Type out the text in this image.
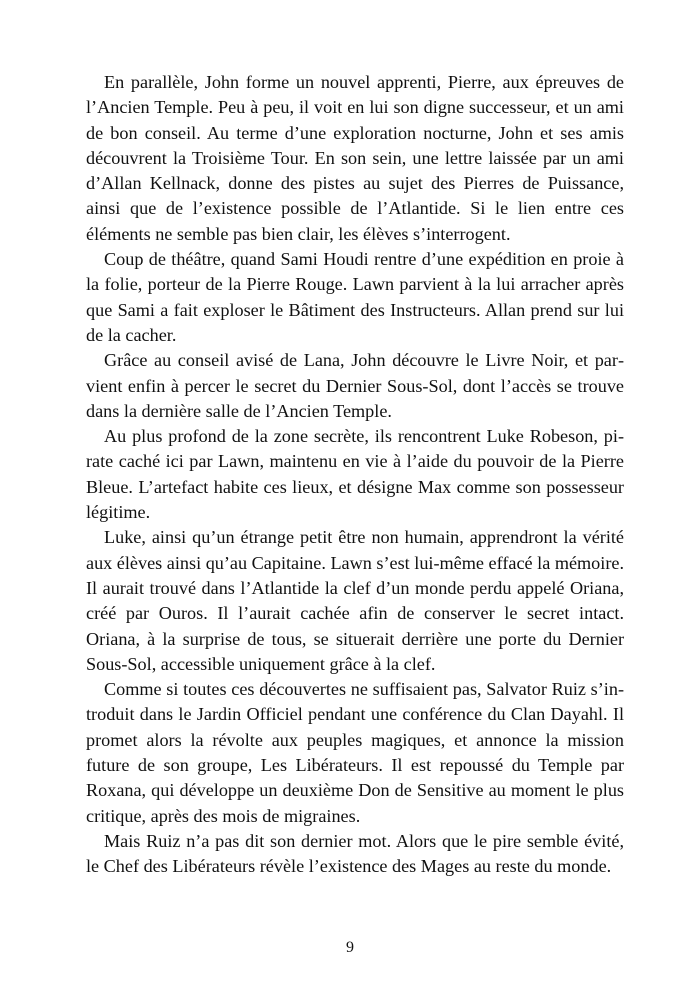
En parallèle, John forme un nouvel apprenti, Pierre, aux épreuves de l’Ancien Temple. Peu à peu, il voit en lui son digne successeur, et un ami de bon conseil. Au terme d’une exploration nocturne, John et ses amis découvrent la Troisième Tour. En son sein, une lettre laissée par un ami d’Allan Kellnack, donne des pistes au sujet des Pierres de Puissance, ainsi que de l’existence possible de l’Atlantide. Si le lien entre ces éléments ne semble pas bien clair, les élèves s’interrogent.

Coup de théâtre, quand Sami Houdi rentre d’une expédition en proie à la folie, porteur de la Pierre Rouge. Lawn parvient à la lui arracher après que Sami a fait exploser le Bâtiment des Instructeurs. Allan prend sur lui de la cacher.

Grâce au conseil avisé de Lana, John découvre le Livre Noir, et parvient enfin à percer le secret du Dernier Sous-Sol, dont l’accès se trouve dans la dernière salle de l’Ancien Temple.

Au plus profond de la zone secrète, ils rencontrent Luke Robeson, pirate caché ici par Lawn, maintenu en vie à l’aide du pouvoir de la Pierre Bleue. L’artefact habite ces lieux, et désigne Max comme son possesseur légitime.

Luke, ainsi qu’un étrange petit être non humain, apprendront la vérité aux élèves ainsi qu’au Capitaine. Lawn s’est lui-même effacé la mémoire. Il aurait trouvé dans l’Atlantide la clef d’un monde perdu appelé Oriana, créé par Ouros. Il l’aurait cachée afin de conserver le secret intact. Oriana, à la surprise de tous, se situerait derrière une porte du Dernier Sous-Sol, accessible uniquement grâce à la clef.

Comme si toutes ces découvertes ne suffisaient pas, Salvator Ruiz s’introduit dans le Jardin Officiel pendant une conférence du Clan Dayahl. Il promet alors la révolte aux peuples magiques, et annonce la mission future de son groupe, Les Libérateurs. Il est repoussé du Temple par Roxana, qui développe un deuxième Don de Sensitive au moment le plus critique, après des mois de migraines.

Mais Ruiz n’a pas dit son dernier mot. Alors que le pire semble évité, le Chef des Libérateurs révèle l’existence des Mages au reste du monde.

9
